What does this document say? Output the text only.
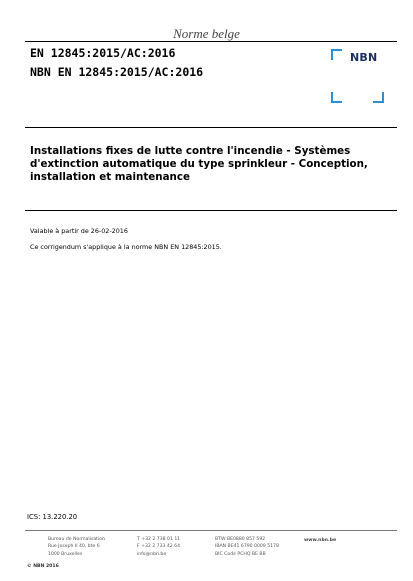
Norme belge
EN 12845:2015/AC:2016
NBN EN 12845:2015/AC:2016
NBN
Installations fixes de lutte contre l'incendie - Systèmes d'extinction automatique du type sprinkleur - Conception, installation et maintenance
Valable à partir de 26-02-2016
Ce corrigendum s'applique à la norme NBN EN 12845:2015.
ICS: 13.220.20
Bureau de Normalisation
Rue Joseph II 40, bte 6
1000 Bruxelles
T +32 2 738 01 11
F +32 2 733 42 64
info@nbn.be
BTW BE0880 857 592
IBAN BE41 6790 0009 5178
BIC Code PCHQ BE BB
www.nbn.be
© NBN 2016
